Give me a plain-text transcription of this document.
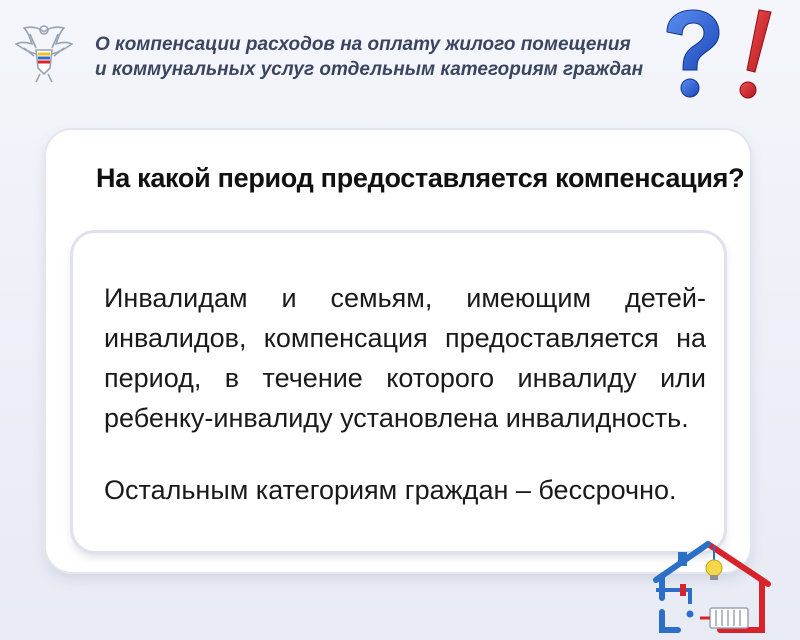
О компенсации расходов на оплату жилого помещения
и коммунальных услуг отдельным категориям граждан
На какой период предоставляется компенсация?
Инвалидам и семьям, имеющим детей-инвалидов, компенсация предоставляется на период, в течение которого инвалиду или ребенку-инвалиду установлена инвалидность.
Остальным категориям граждан – бессрочно.
